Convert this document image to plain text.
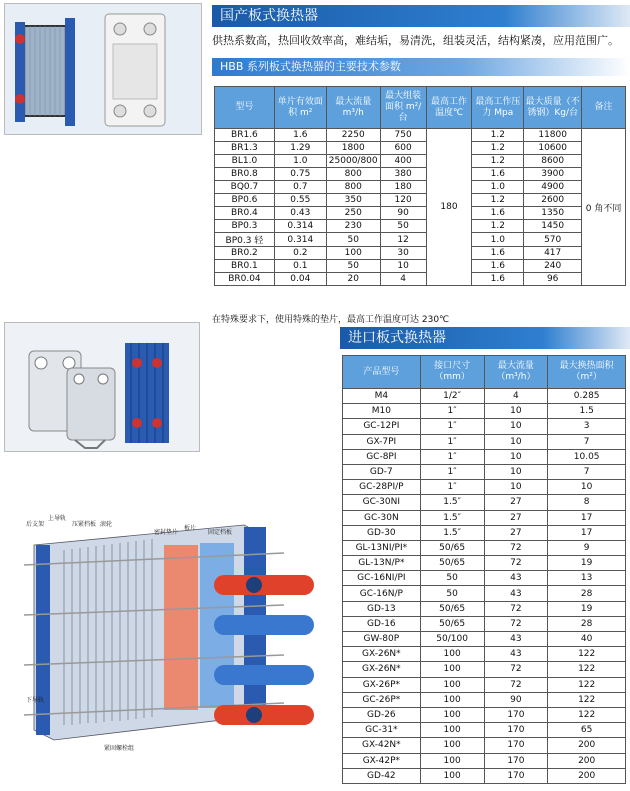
国产板式换热器
供热系数高，热回收效率高，难结垢，易清洗，组装灵活，结构紧凑，应用范围广。
HBB 系列板式换热器的主要技术参数
型号	单片有效面积 m²	最大流量 m³/h	最大组装面积 m²/台	最高工作温度℃	最高工作压力 Mpa	最大质量（不锈钢）Kg/台	备注
BR1.6	1.6	2250	750	180	1.2	11800	0 角不同
BR1.3	1.29	1800	600		1.2	10600	
BL1.0	1.0	25000/800	400		1.2	8600	
BR0.8	0.75	800	380		1.6	3900	
BQ0.7	0.7	800	180		1.0	4900	
BP0.6	0.55	350	120		1.2	2600	
BR0.4	0.43	250	90		1.6	1350	
BP0.3	0.314	230	50		1.2	1450	
BP0.3 轻	0.314	50	12		1.0	570	
BR0.2	0.2	100	30		1.6	417	
BR0.1	0.1	50	10		1.6	240	
BR0.04	0.04	20	4		1.6	96	
在特殊要求下，使用特殊的垫片，最高工作温度可达 230℃
进口板式换热器
产品型号	接口尺寸（mm）	最大流量（m³/h）	最大换热面积（m²）
M4	1/2″	4	0.285
M10	1″	10	1.5
GC-12PI	1″	10	3
GX-7PI	1″	10	7
GC-8PI	1″	10	10.05
GD-7	1″	10	7
GC-28PI/P	1″	10	10
GC-30NI	1.5″	27	8
GC-30N	1.5″	27	17
GD-30	1.5″	27	17
GL-13NI/PI*	50/65	72	9
GL-13N/P*	50/65	72	19
GC-16NI/PI	50	43	13
GC-16N/P	50	43	28
GD-13	50/65	72	19
GD-16	50/65	72	28
GW-80P	50/100	43	40
GX-26N*	100	43	122
GX-26N*	100	72	122
GX-26P*	100	72	122
GC-26P*	100	90	122
GD-26	100	170	122
GC-31*	100	170	65
GX-42N*	100	170	200
GX-42P*	100	170	200
GD-42	100	170	200
后支架
上导轨
压紧档板 滚轮
密封垫片
板片
固定档板
下导轨
紧固螺栓组
